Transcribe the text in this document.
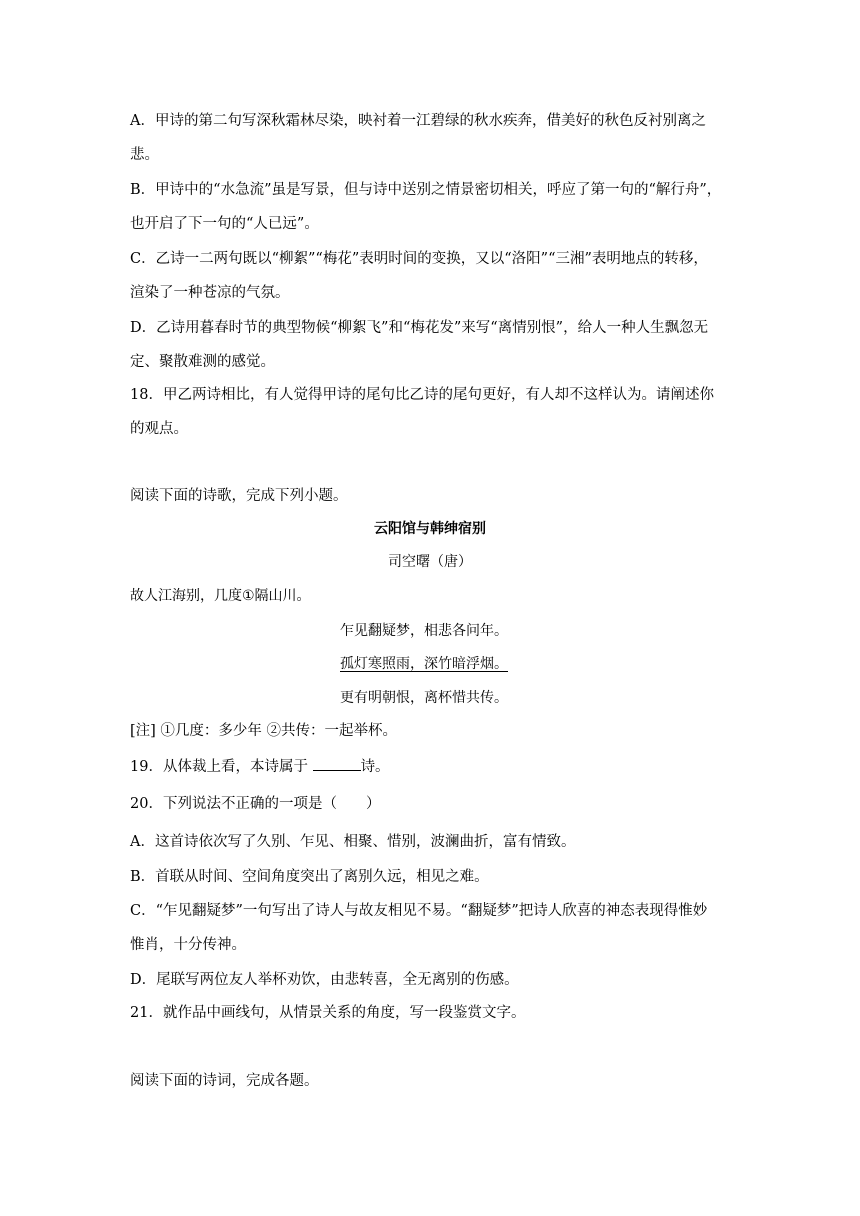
A．甲诗的第二句写深秋霜林尽染，映衬着一江碧绿的秋水疾奔，借美好的秋色反衬别离之
悲。
B．甲诗中的“水急流”虽是写景，但与诗中送别之情景密切相关，呼应了第一句的“解行舟”，
也开启了下一句的“人已远”。
C．乙诗一二两句既以“柳絮”“梅花”表明时间的变换，又以“洛阳”“三湘”表明地点的转移，
渲染了一种苍凉的气氛。
D．乙诗用暮春时节的典型物候“柳絮飞”和“梅花发”来写“离情别恨”，给人一种人生飘忽无
定、聚散难测的感觉。
18．甲乙两诗相比，有人觉得甲诗的尾句比乙诗的尾句更好，有人却不这样认为。请阐述你
的观点。
阅读下面的诗歌，完成下列小题。
云阳馆与韩绅宿别
司空曙（唐）
故人江海别，几度①隔山川。
乍见翻疑梦，相悲各问年。
孤灯寒照雨，深竹暗浮烟。
更有明朝恨，离杯惜共传。
[注] ①几度：多少年 ②共传：一起举杯。
19．从体裁上看，本诗属于	诗。
20．下列说法不正确的一项是（　　）
A．这首诗依次写了久别、乍见、相聚、惜别，波澜曲折，富有情致。
B．首联从时间、空间角度突出了离别久远，相见之难。
C．“乍见翻疑梦”一句写出了诗人与故友相见不易。“翻疑梦”把诗人欣喜的神态表现得惟妙
惟肖，十分传神。
D．尾联写两位友人举杯劝饮，由悲转喜，全无离别的伤感。
21．就作品中画线句，从情景关系的角度，写一段鉴赏文字。
阅读下面的诗词，完成各题。
